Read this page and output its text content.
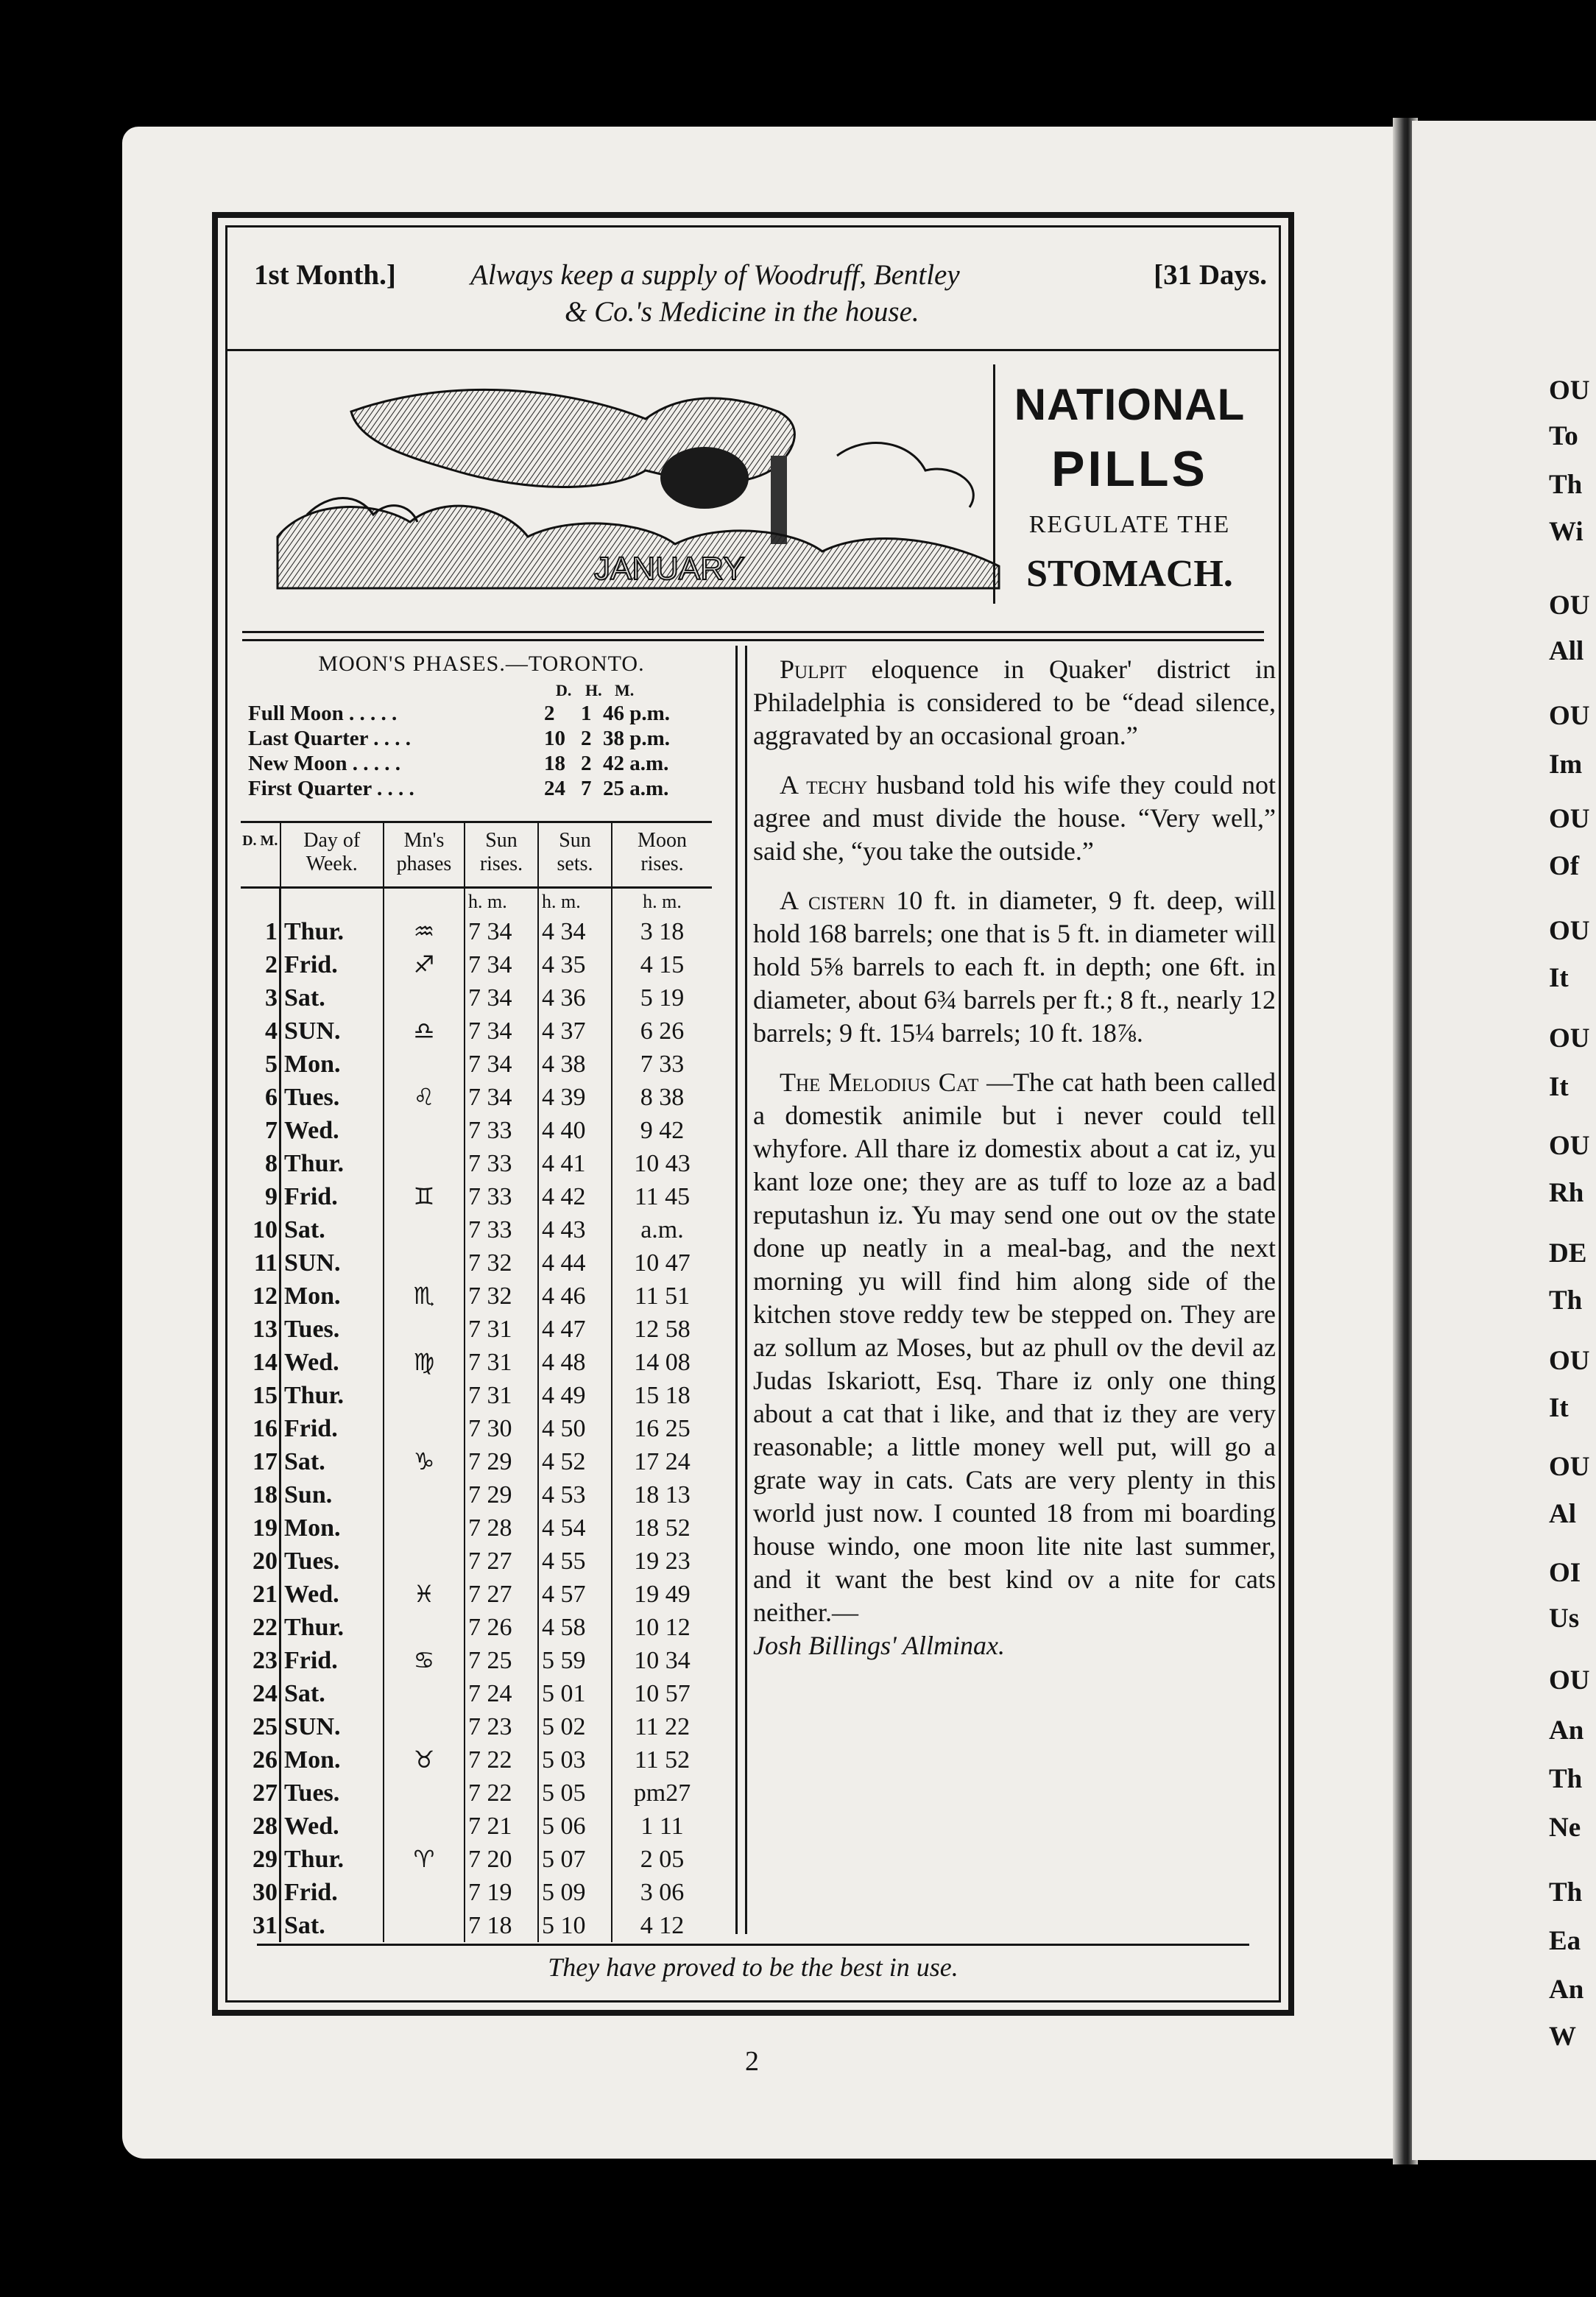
1st Month.]	Always keep a supply of Woodruff, Bentley
& Co.'s Medicine in the house.
[31 Days.
JANUARY
NATIONAL
PILLS
REGULATE THE
STOMACH.
MOON'S PHASES.—TORONTO.
D. H. M.
Full Moon . . . . .	2 1 46 p.m.
Last Quarter . . . .	10 2 38 p.m.
New Moon . . . . .	18 2 42 a.m.
First Quarter . . . .	24 7 25 a.m.
D. M.	Day of Week.	Mn's phases	Sun rises.	Sun sets.	Moon rises.
			h. m.	h. m.	h. m.
1	Thur.	♒	7 34	4 34	3 18
2	Frid.	♐	7 34	4 35	4 15
3	Sat.		7 34	4 36	5 19
4	SUN.	♎	7 34	4 37	6 26
5	Mon.		7 34	4 38	7 33
6	Tues.	♌	7 34	4 39	8 38
7	Wed.		7 33	4 40	9 42
8	Thur.		7 33	4 41	10 43
9	Frid.	♊	7 33	4 42	11 45
10	Sat.		7 33	4 43	a.m.
11	SUN.		7 32	4 44	10 47
12	Mon.	♏	7 32	4 46	11 51
13	Tues.		7 31	4 47	12 58
14	Wed.	♍	7 31	4 48	14 08
15	Thur.		7 31	4 49	15 18
16	Frid.		7 30	4 50	16 25
17	Sat.	♑	7 29	4 52	17 24
18	Sun.		7 29	4 53	18 13
19	Mon.		7 28	4 54	18 52
20	Tues.		7 27	4 55	19 23
21	Wed.	♓	7 27	4 57	19 49
22	Thur.		7 26	4 58	10 12
23	Frid.	♋	7 25	5 59	10 34
24	Sat.		7 24	5 01	10 57
25	SUN.		7 23	5 02	11 22
26	Mon.	♉	7 22	5 03	11 52
27	Tues.		7 22	5 05	pm27
28	Wed.		7 21	5 06	1 11
29	Thur.	♈	7 20	5 07	2 05
30	Frid.		7 19	5 09	3 06
31	Sat.		7 18	5 10	4 12

Pulpit eloquence in Quaker' district in Philadelphia is considered to be “dead silence, aggravated by an occasional groan.”

A techy husband told his wife they could not agree and must divide the house. “Very well,” said she, “you take the outside.”

A cistern 10 ft. in diameter, 9 ft. deep, will hold 168 barrels; one that is 5 ft. in diameter will hold 5⅝ barrels to each ft. in depth; one 6ft. in diameter, about 6¾ barrels per ft.; 8 ft., nearly 12 barrels; 9 ft. 15¼ barrels; 10 ft. 18⅞.

The Melodius Cat —The cat hath been called a domestik animile but i never could tell whyfore. All thare iz domestix about a cat iz, yu kant loze one; they are as tuff to loze az a bad reputashun iz. Yu may send one out ov the state done up neatly in a meal-bag, and the next morning yu will find him along side of the kitchen stove reddy tew be stepped on. They are az sollum az Moses, but az phull ov the devil az Judas Iskariott, Esq. Thare iz only one thing about a cat that i like, and that iz they are very reasonable; a little money well put, will go a grate way in cats. Cats are very plenty in this world just now. I counted 18 from mi boarding house windo, one moon lite nite last summer, and it want the best kind ov a nite for cats neither.—
Josh Billings' Allminax.

They have proved to be the best in use.
2
OU
To
Th
Wi
OU
All
OU
Im
OU
Of
OU
It
OU
It
OU
Rh
DE
Th
OU
It
OU
Al
OI
Us
OU
An
Th
Ne
Th
Ea
An
W
